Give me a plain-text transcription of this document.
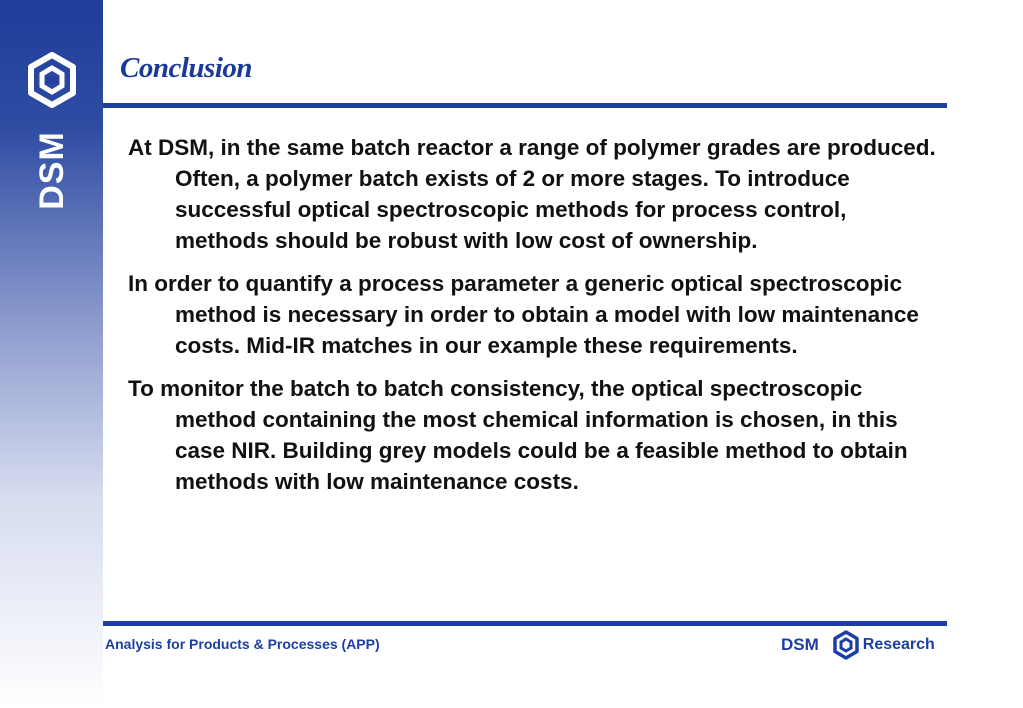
DSM
Conclusion

At DSM, in the same batch reactor a range of polymer grades are produced. Often, a polymer batch exists of 2 or more stages. To introduce successful optical spectroscopic methods for process control, methods should be robust with low cost of ownership.

In order to quantify a process parameter a generic optical spectroscopic method is necessary in order to obtain a model with low maintenance costs. Mid-IR matches in our example these requirements.

To monitor the batch to batch consistency, the optical spectroscopic method containing the most chemical information is chosen, in this case NIR. Building grey models could be a feasible method to obtain methods with low maintenance costs.

Analysis for Products & Processes (APP)	DSM	Research
